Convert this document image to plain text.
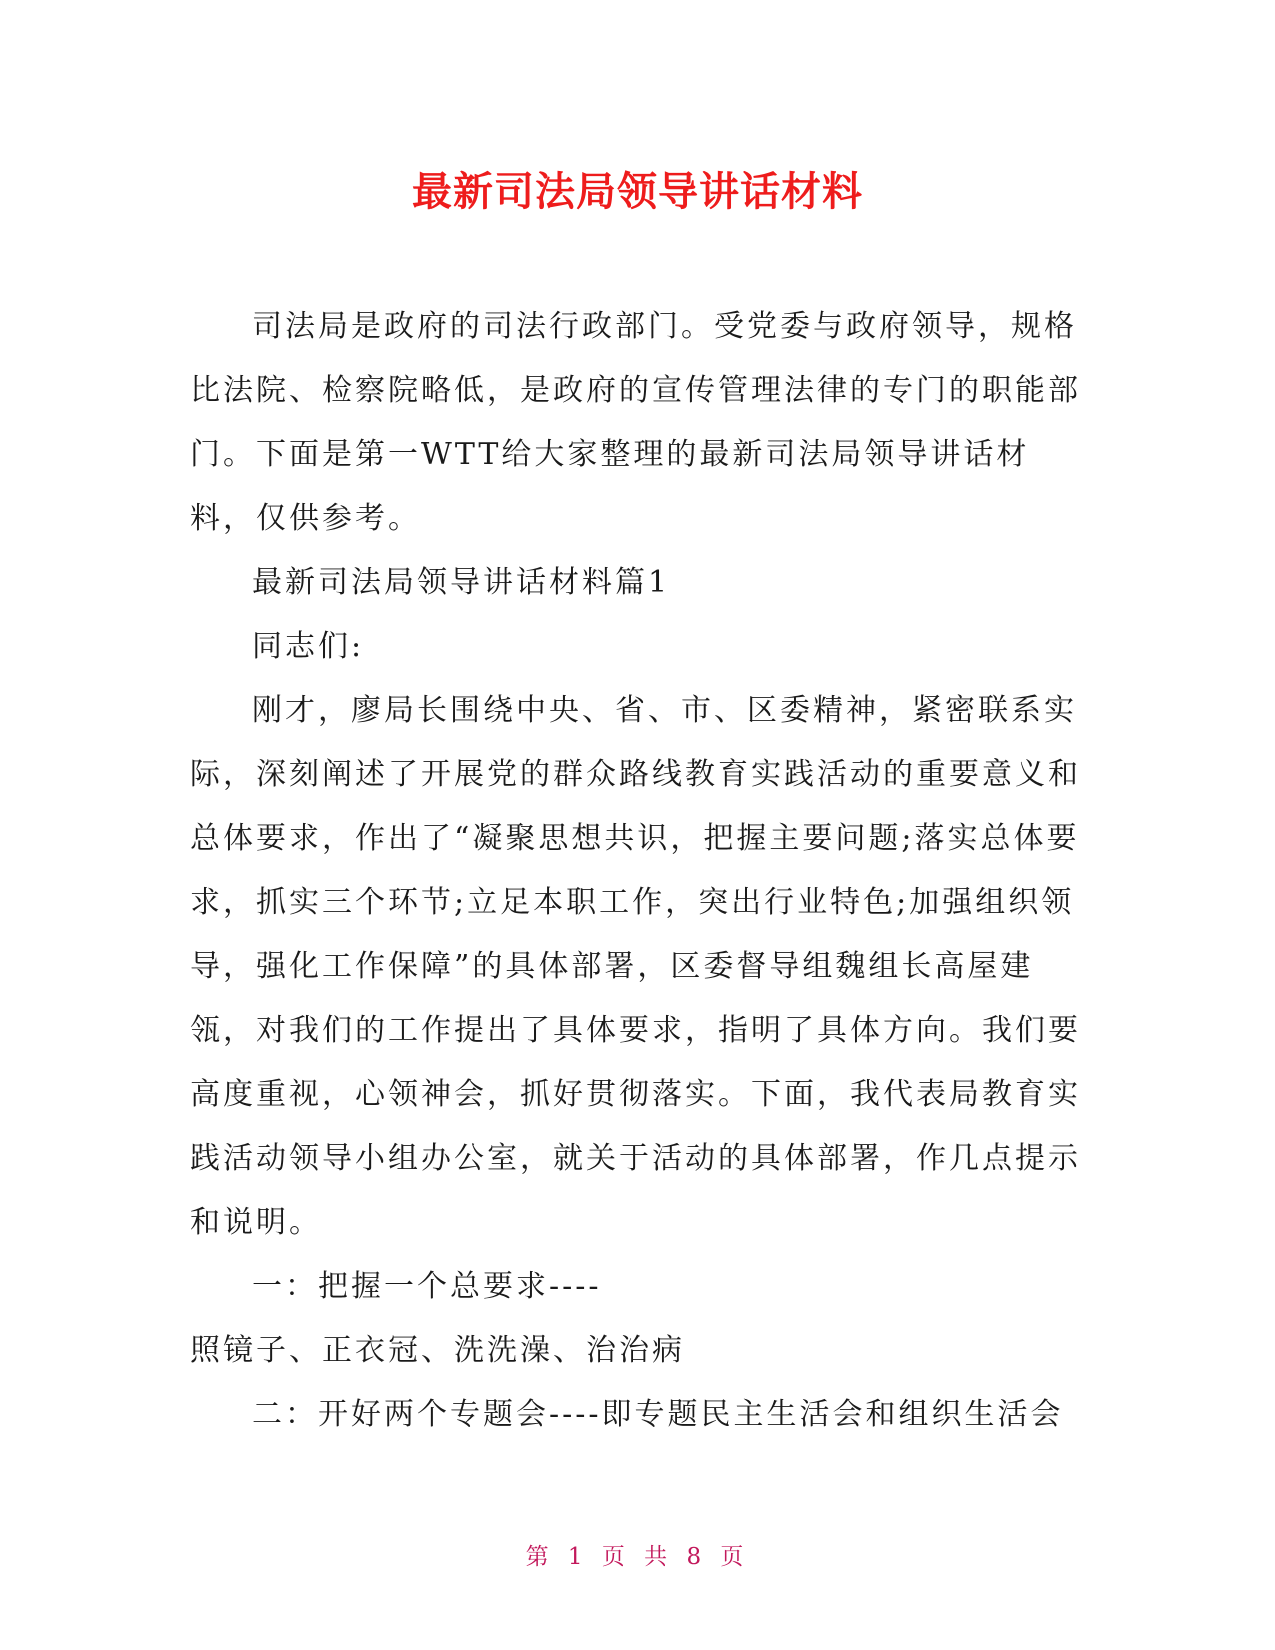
最新司法局领导讲话材料

司法局是政府的司法行政部门。受党委与政府领导，规格比法院、检察院略低，是政府的宣传管理法律的专门的职能部门。下面是第一WTT给大家整理的最新司法局领导讲话材料，仅供参考。

最新司法局领导讲话材料篇1

同志们:

刚才，廖局长围绕中央、省、市、区委精神，紧密联系实际，深刻阐述了开展党的群众路线教育实践活动的重要意义和总体要求，作出了“凝聚思想共识，把握主要问题;落实总体要求，抓实三个环节;立足本职工作，突出行业特色;加强组织领导，强化工作保障”的具体部署，区委督导组魏组长高屋建瓴，对我们的工作提出了具体要求，指明了具体方向。我们要高度重视，心领神会，抓好贯彻落实。下面，我代表局教育实践活动领导小组办公室，就关于活动的具体部署，作几点提示和说明。

一：把握一个总要求----

照镜子、正衣冠、洗洗澡、治治病

二：开好两个专题会----即专题民主生活会和组织生活会

第 1 页 共 8 页
